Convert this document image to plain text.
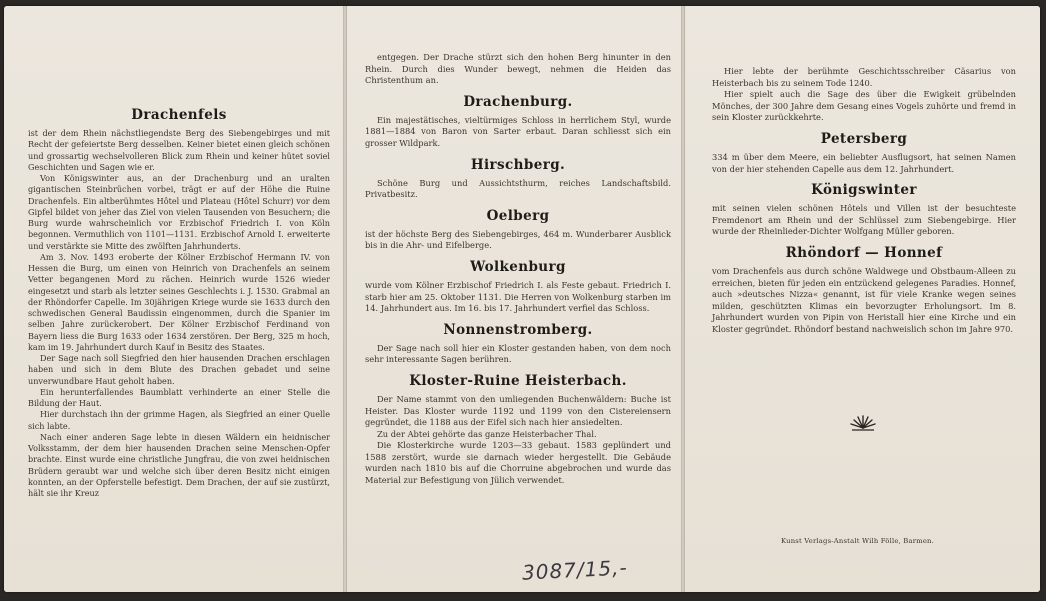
Drachenfels

ist der dem Rhein nächstliegendste Berg des Siebengebirges und mit Recht der gefeiertste Berg desselben. Keiner bietet einen gleich schönen und grossartig wechselvolleren Blick zum Rhein und keiner hütet soviel Geschichten und Sagen wie er.

Von Königswinter aus, an der Drachenburg und an uralten gigantischen Steinbrüchen vorbei, trägt er auf der Höhe die Ruine Drachenfels. Ein altberühmtes Hôtel und Plateau (Hôtel Schurr) vor dem Gipfel bildet von jeher das Ziel von vielen Tausenden von Besuchern; die Burg wurde wahrscheinlich vor Erzbischof Friedrich I. von Köln begonnen. Vermuthlich von 1101—1131. Erzbischof Arnold I. erweiterte und verstärkte sie Mitte des zwölften Jahrhunderts.

Am 3. Nov. 1493 eroberte der Kölner Erzbischof Hermann IV. von Hessen die Burg, um einen von Heinrich von Drachenfels an seinem Vetter begangenen Mord zu rächen. Heinrich wurde 1526 wieder eingesetzt und starb als letzter seines Geschlechts i. J. 1530. Grabmal an der Rhöndorfer Capelle. Im 30jährigen Kriege wurde sie 1633 durch den schwedischen General Baudissin eingenommen, durch die Spanier im selben Jahre zurückerobert. Der Kölner Erzbischof Ferdinand von Bayern liess die Burg 1633 oder 1634 zerstören. Der Berg, 325 m hoch, kam im 19. Jahrhundert durch Kauf in Besitz des Staates.

Der Sage nach soll Siegfried den hier hausenden Drachen erschlagen haben und sich in dem Blute des Drachen gebadet und seine unverwundbare Haut geholt haben.

Ein herunterfallendes Baumblatt verhinderte an einer Stelle die Bildung der Haut.

Hier durchstach ihn der grimme Hagen, als Siegfried an einer Quelle sich labte.

Nach einer anderen Sage lebte in diesen Wäldern ein heidnischer Volksstamm, der dem hier hausenden Drachen seine Menschen-Opfer brachte. Einst wurde eine christliche Jungfrau, die von zwei heidnischen Brüdern geraubt war und welche sich über deren Besitz nicht einigen konnten, an der Opferstelle befestigt. Dem Drachen, der auf sie zustürzt, hält sie ihr Kreuz

entgegen. Der Drache stürzt sich den hohen Berg hinunter in den Rhein. Durch dies Wunder bewegt, nehmen die Heiden das Christenthum an.

Drachenburg.

Ein majestätisches, vieltürmiges Schloss in herrlichem Styl, wurde 1881—1884 von Baron von Sarter erbaut. Daran schliesst sich ein grosser Wildpark.

Hirschberg.

Schöne Burg und Aussichtsthurm, reiches Landschaftsbild. Privatbesitz.

Oelberg

ist der höchste Berg des Siebengebirges, 464 m. Wunderbarer Ausblick bis in die Ahr- und Eifelberge.

Wolkenburg

wurde vom Kölner Erzbischof Friedrich I. als Feste gebaut. Friedrich I. starb hier am 25. Oktober 1131. Die Herren von Wolkenburg starben im 14. Jahrhundert aus. Im 16. bis 17. Jahrhundert verfiel das Schloss.

Nonnenstromberg.

Der Sage nach soll hier ein Kloster gestanden haben, von dem noch sehr interessante Sagen berühren.

Kloster-Ruine Heisterbach.

Der Name stammt von den umliegenden Buchenwäldern: Buche ist Heister. Das Kloster wurde 1192 und 1199 von den Cistereiensern gegründet, die 1188 aus der Eifel sich nach hier ansiedelten.

Zu der Abtei gehörte das ganze Heisterbacher Thal.

Die Klosterkirche wurde 1203—33 gebaut. 1583 geplündert und 1588 zerstört, wurde sie darnach wieder hergestellt. Die Gebäude wurden nach 1810 bis auf die Chorruine abgebrochen und wurde das Material zur Befestigung von Jülich verwendet.

3087/15,-

Hier lebte der berühmte Geschichtsschreiber Cäsarius von Heisterbach bis zu seinem Tode 1240.

Hier spielt auch die Sage des über die Ewigkeit grübelnden Mönches, der 300 Jahre dem Gesang eines Vogels zuhörte und fremd in sein Kloster zurückkehrte.

Petersberg

334 m über dem Meere, ein beliebter Ausflugsort, hat seinen Namen von der hier stehenden Capelle aus dem 12. Jahrhundert.

Königswinter

mit seinen vielen schönen Hôtels und Villen ist der besuchteste Fremdenort am Rhein und der Schlüssel zum Siebengebirge. Hier wurde der Rheinlieder-Dichter Wolfgang Müller geboren.

Rhöndorf — Honnef

vom Drachenfels aus durch schöne Waldwege und Obstbaum-Alleen zu erreichen, bieten für jeden ein entzückend gelegenes Paradies. Honnef, auch »deutsches Nizza« genannt, ist für viele Kranke wegen seines milden, geschützten Klimas ein bevorzugter Erholungsort. Im 8. Jahrhundert wurden von Pipin von Heristall hier eine Kirche und ein Kloster gegründet. Rhöndorf bestand nachweislich schon im Jahre 970.

Kunst Verlags-Anstalt Wilh Fölle, Barmen.
